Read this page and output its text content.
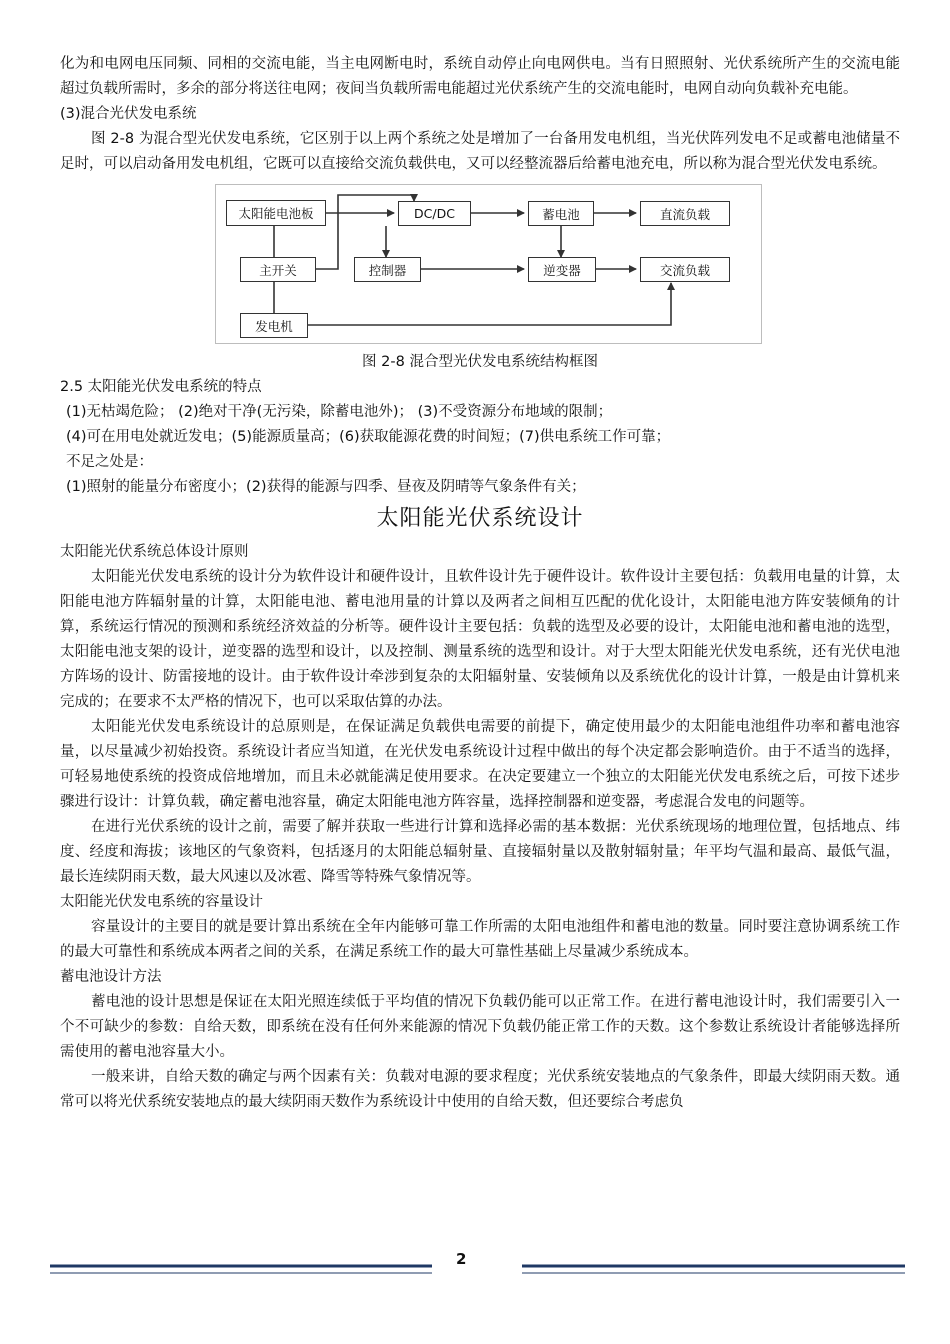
化为和电网电压同频、同相的交流电能，当主电网断电时，系统自动停止向电网供电。当有日照照射、光伏系统所产生的交流电能超过负载所需时，多余的部分将送往电网；夜间当负载所需电能超过光伏系统产生的交流电能时，电网自动向负载补充电能。

(3)混合光伏发电系统

图 2-8 为混合型光伏发电系统，它区别于以上两个系统之处是增加了一台备用发电机组，当光伏阵列发电不足或蓄电池储量不足时，可以启动备用发电机组，它既可以直接给交流负载供电，又可以经整流器后给蓄电池充电，所以称为混合型光伏发电系统。

太阳能电池板
主开关
发电机
DC/DC
控制器
蓄电池
逆变器
直流负载
交流负载

图 2-8 混合型光伏发电系统结构框图

2.5 太阳能光伏发电系统的特点

(1)无枯竭危险； (2)绝对干净(无污染，除蓄电池外)； (3)不受资源分布地域的限制；

(4)可在用电处就近发电；(5)能源质量高；(6)获取能源花费的时间短；(7)供电系统工作可靠；

不足之处是：

(1)照射的能量分布密度小；(2)获得的能源与四季、昼夜及阴晴等气象条件有关；

太阳能光伏系统设计

太阳能光伏系统总体设计原则

太阳能光伏发电系统的设计分为软件设计和硬件设计，且软件设计先于硬件设计。软件设计主要包括：负载用电量的计算，太阳能电池方阵辐射量的计算，太阳能电池、蓄电池用量的计算以及两者之间相互匹配的优化设计，太阳能电池方阵安装倾角的计算，系统运行情况的预测和系统经济效益的分析等。硬件设计主要包括：负载的选型及必要的设计，太阳能电池和蓄电池的选型，太阳能电池支架的设计，逆变器的选型和设计，以及控制、测量系统的选型和设计。对于大型太阳能光伏发电系统，还有光伏电池方阵场的设计、防雷接地的设计。由于软件设计牵涉到复杂的太阳辐射量、安装倾角以及系统优化的设计计算，一般是由计算机来完成的；在要求不太严格的情况下，也可以采取估算的办法。

太阳能光伏发电系统设计的总原则是，在保证满足负载供电需要的前提下，确定使用最少的太阳能电池组件功率和蓄电池容量，以尽量减少初始投资。系统设计者应当知道，在光伏发电系统设计过程中做出的每个决定都会影响造价。由于不适当的选择，可轻易地使系统的投资成倍地增加，而且未必就能满足使用要求。在决定要建立一个独立的太阳能光伏发电系统之后，可按下述步骤进行设计：计算负载，确定蓄电池容量，确定太阳能电池方阵容量，选择控制器和逆变器，考虑混合发电的问题等。

在进行光伏系统的设计之前，需要了解并获取一些进行计算和选择必需的基本数据：光伏系统现场的地理位置，包括地点、纬度、经度和海拔；该地区的气象资料，包括逐月的太阳能总辐射量、直接辐射量以及散射辐射量；年平均气温和最高、最低气温，最长连续阴雨天数，最大风速以及冰雹、降雪等特殊气象情况等。

太阳能光伏发电系统的容量设计

容量设计的主要目的就是要计算出系统在全年内能够可靠工作所需的太阳电池组件和蓄电池的数量。同时要注意协调系统工作的最大可靠性和系统成本两者之间的关系，在满足系统工作的最大可靠性基础上尽量减少系统成本。

蓄电池设计方法

蓄电池的设计思想是保证在太阳光照连续低于平均值的情况下负载仍能可以正常工作。在进行蓄电池设计时，我们需要引入一个不可缺少的参数：自给天数，即系统在没有任何外来能源的情况下负载仍能正常工作的天数。这个参数让系统设计者能够选择所需使用的蓄电池容量大小。

一般来讲，自给天数的确定与两个因素有关：负载对电源的要求程度；光伏系统安装地点的气象条件，即最大续阴雨天数。通常可以将光伏系统安装地点的最大续阴雨天数作为系统设计中使用的自给天数，但还要综合考虑负

2
